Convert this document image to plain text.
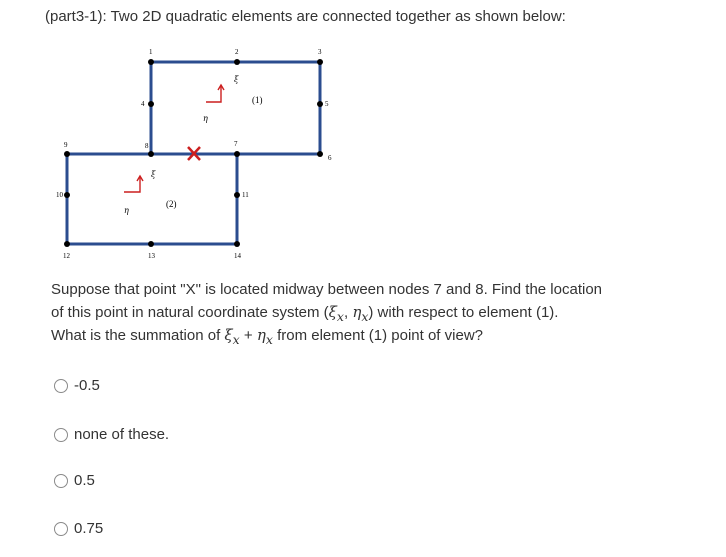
(part3-1): Two 2D quadratic elements are connected together as shown below:
1	2	3
4	5
6
7
8
9
10	11
12	13	14
(1)
(2)
ξ
η
ξ
η
Suppose that point "X" is located midway between nodes 7 and 8. Find the location
of this point in natural coordinate system ($\xi_x$, $\eta_x$) with respect to element (1).
What is the summation of $\xi_x + \eta_x$ from element (1) point of view?
-0.5
none of these.
0.5
0.75
